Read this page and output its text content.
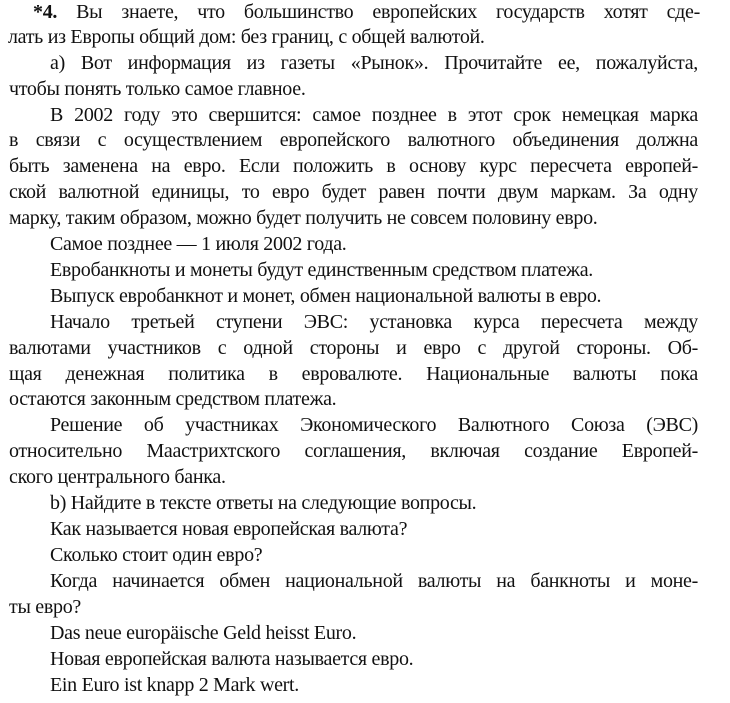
*4. Вы знаете, что большинство европейских государств хотят сде-
лать из Европы общий дом: без границ, с общей валютой.
а) Вот информация из газеты «Рынок». Прочитайте ее, пожалуйста,
чтобы понять только самое главное.
В 2002 году это свершится: самое позднее в этот срок немецкая марка
в связи с осуществлением европейского валютного объединения должна
быть заменена на евро. Если положить в основу курс пересчета европей-
ской валютной единицы, то евро будет равен почти двум маркам. За одну
марку, таким образом, можно будет получить не совсем половину евро.
Самое позднее — 1 июля 2002 года.
Евробанкноты и монеты будут единственным средством платежа.
Выпуск евробанкнот и монет, обмен национальной валюты в евро.
Начало третьей ступени ЭВС: установка курса пересчета между
валютами участников с одной стороны и евро с другой стороны. Об-
щая денежная политика в евровалюте. Национальные валюты пока
остаются законным средством платежа.
Решение об участниках Экономического Валютного Союза (ЭВС)
относительно Маастрихтского соглашения, включая создание Европей-
ского центрального банка.
b) Найдите в тексте ответы на следующие вопросы.
Как называется новая европейская валюта?
Сколько стоит один евро?
Когда начинается обмен национальной валюты на банкноты и моне-
ты евро?
Das neue europäische Geld heisst Euro.
Новая европейская валюта называется евро.
Ein Euro ist knapp 2 Mark wert.
